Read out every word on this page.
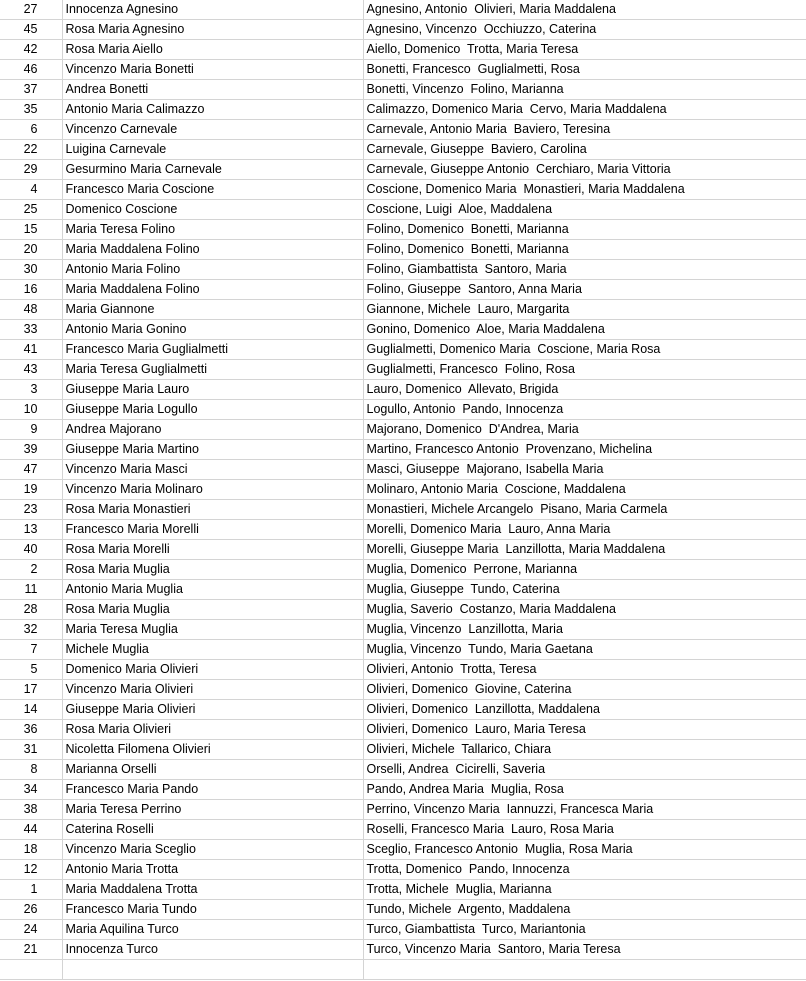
27	Innocenza Agnesino	Agnesino, Antonio  Olivieri, Maria Maddalena
45	Rosa Maria Agnesino	Agnesino, Vincenzo  Occhiuzzo, Caterina
42	Rosa Maria Aiello	Aiello, Domenico  Trotta, Maria Teresa
46	Vincenzo Maria Bonetti	Bonetti, Francesco  Guglialmetti, Rosa
37	Andrea Bonetti	Bonetti, Vincenzo  Folino, Marianna
35	Antonio Maria Calimazzo	Calimazzo, Domenico Maria  Cervo, Maria Maddalena
6	Vincenzo Carnevale	Carnevale, Antonio Maria  Baviero, Teresina
22	Luigina Carnevale	Carnevale, Giuseppe  Baviero, Carolina
29	Gesurmino Maria Carnevale	Carnevale, Giuseppe Antonio  Cerchiaro, Maria Vittoria
4	Francesco Maria Coscione	Coscione, Domenico Maria  Monastieri, Maria Maddalena
25	Domenico Coscione	Coscione, Luigi  Aloe, Maddalena
15	Maria Teresa Folino	Folino, Domenico  Bonetti, Marianna
20	Maria Maddalena Folino	Folino, Domenico  Bonetti, Marianna
30	Antonio Maria Folino	Folino, Giambattista  Santoro, Maria
16	Maria Maddalena Folino	Folino, Giuseppe  Santoro, Anna Maria
48	Maria Giannone	Giannone, Michele  Lauro, Margarita
33	Antonio Maria Gonino	Gonino, Domenico  Aloe, Maria Maddalena
41	Francesco Maria Guglialmetti	Guglialmetti, Domenico Maria  Coscione, Maria Rosa
43	Maria Teresa Guglialmetti	Guglialmetti, Francesco  Folino, Rosa
3	Giuseppe Maria Lauro	Lauro, Domenico  Allevato, Brigida
10	Giuseppe Maria Logullo	Logullo, Antonio  Pando, Innocenza
9	Andrea Majorano	Majorano, Domenico  D'Andrea, Maria
39	Giuseppe Maria Martino	Martino, Francesco Antonio  Provenzano, Michelina
47	Vincenzo Maria Masci	Masci, Giuseppe  Majorano, Isabella Maria
19	Vincenzo Maria Molinaro	Molinaro, Antonio Maria  Coscione, Maddalena
23	Rosa Maria Monastieri	Monastieri, Michele Arcangelo  Pisano, Maria Carmela
13	Francesco Maria Morelli	Morelli, Domenico Maria  Lauro, Anna Maria
40	Rosa Maria Morelli	Morelli, Giuseppe Maria  Lanzillotta, Maria Maddalena
2	Rosa Maria Muglia	Muglia, Domenico  Perrone, Marianna
11	Antonio Maria Muglia	Muglia, Giuseppe  Tundo, Caterina
28	Rosa Maria Muglia	Muglia, Saverio  Costanzo, Maria Maddalena
32	Maria Teresa Muglia	Muglia, Vincenzo  Lanzillotta, Maria
7	Michele Muglia	Muglia, Vincenzo  Tundo, Maria Gaetana
5	Domenico Maria Olivieri	Olivieri, Antonio  Trotta, Teresa
17	Vincenzo Maria Olivieri	Olivieri, Domenico  Giovine, Caterina
14	Giuseppe Maria Olivieri	Olivieri, Domenico  Lanzillotta, Maddalena
36	Rosa Maria Olivieri	Olivieri, Domenico  Lauro, Maria Teresa
31	Nicoletta Filomena Olivieri	Olivieri, Michele  Tallarico, Chiara
8	Marianna Orselli	Orselli, Andrea  Cicirelli, Saveria
34	Francesco Maria Pando	Pando, Andrea Maria  Muglia, Rosa
38	Maria Teresa Perrino	Perrino, Vincenzo Maria  Iannuzzi, Francesca Maria
44	Caterina Roselli	Roselli, Francesco Maria  Lauro, Rosa Maria
18	Vincenzo Maria Sceglio	Sceglio, Francesco Antonio  Muglia, Rosa Maria
12	Antonio Maria Trotta	Trotta, Domenico  Pando, Innocenza
1	Maria Maddalena Trotta	Trotta, Michele  Muglia, Marianna
26	Francesco Maria Tundo	Tundo, Michele  Argento, Maddalena
24	Maria Aquilina Turco	Turco, Giambattista  Turco, Mariantonia
21	Innocenza Turco	Turco, Vincenzo Maria  Santoro, Maria Teresa
